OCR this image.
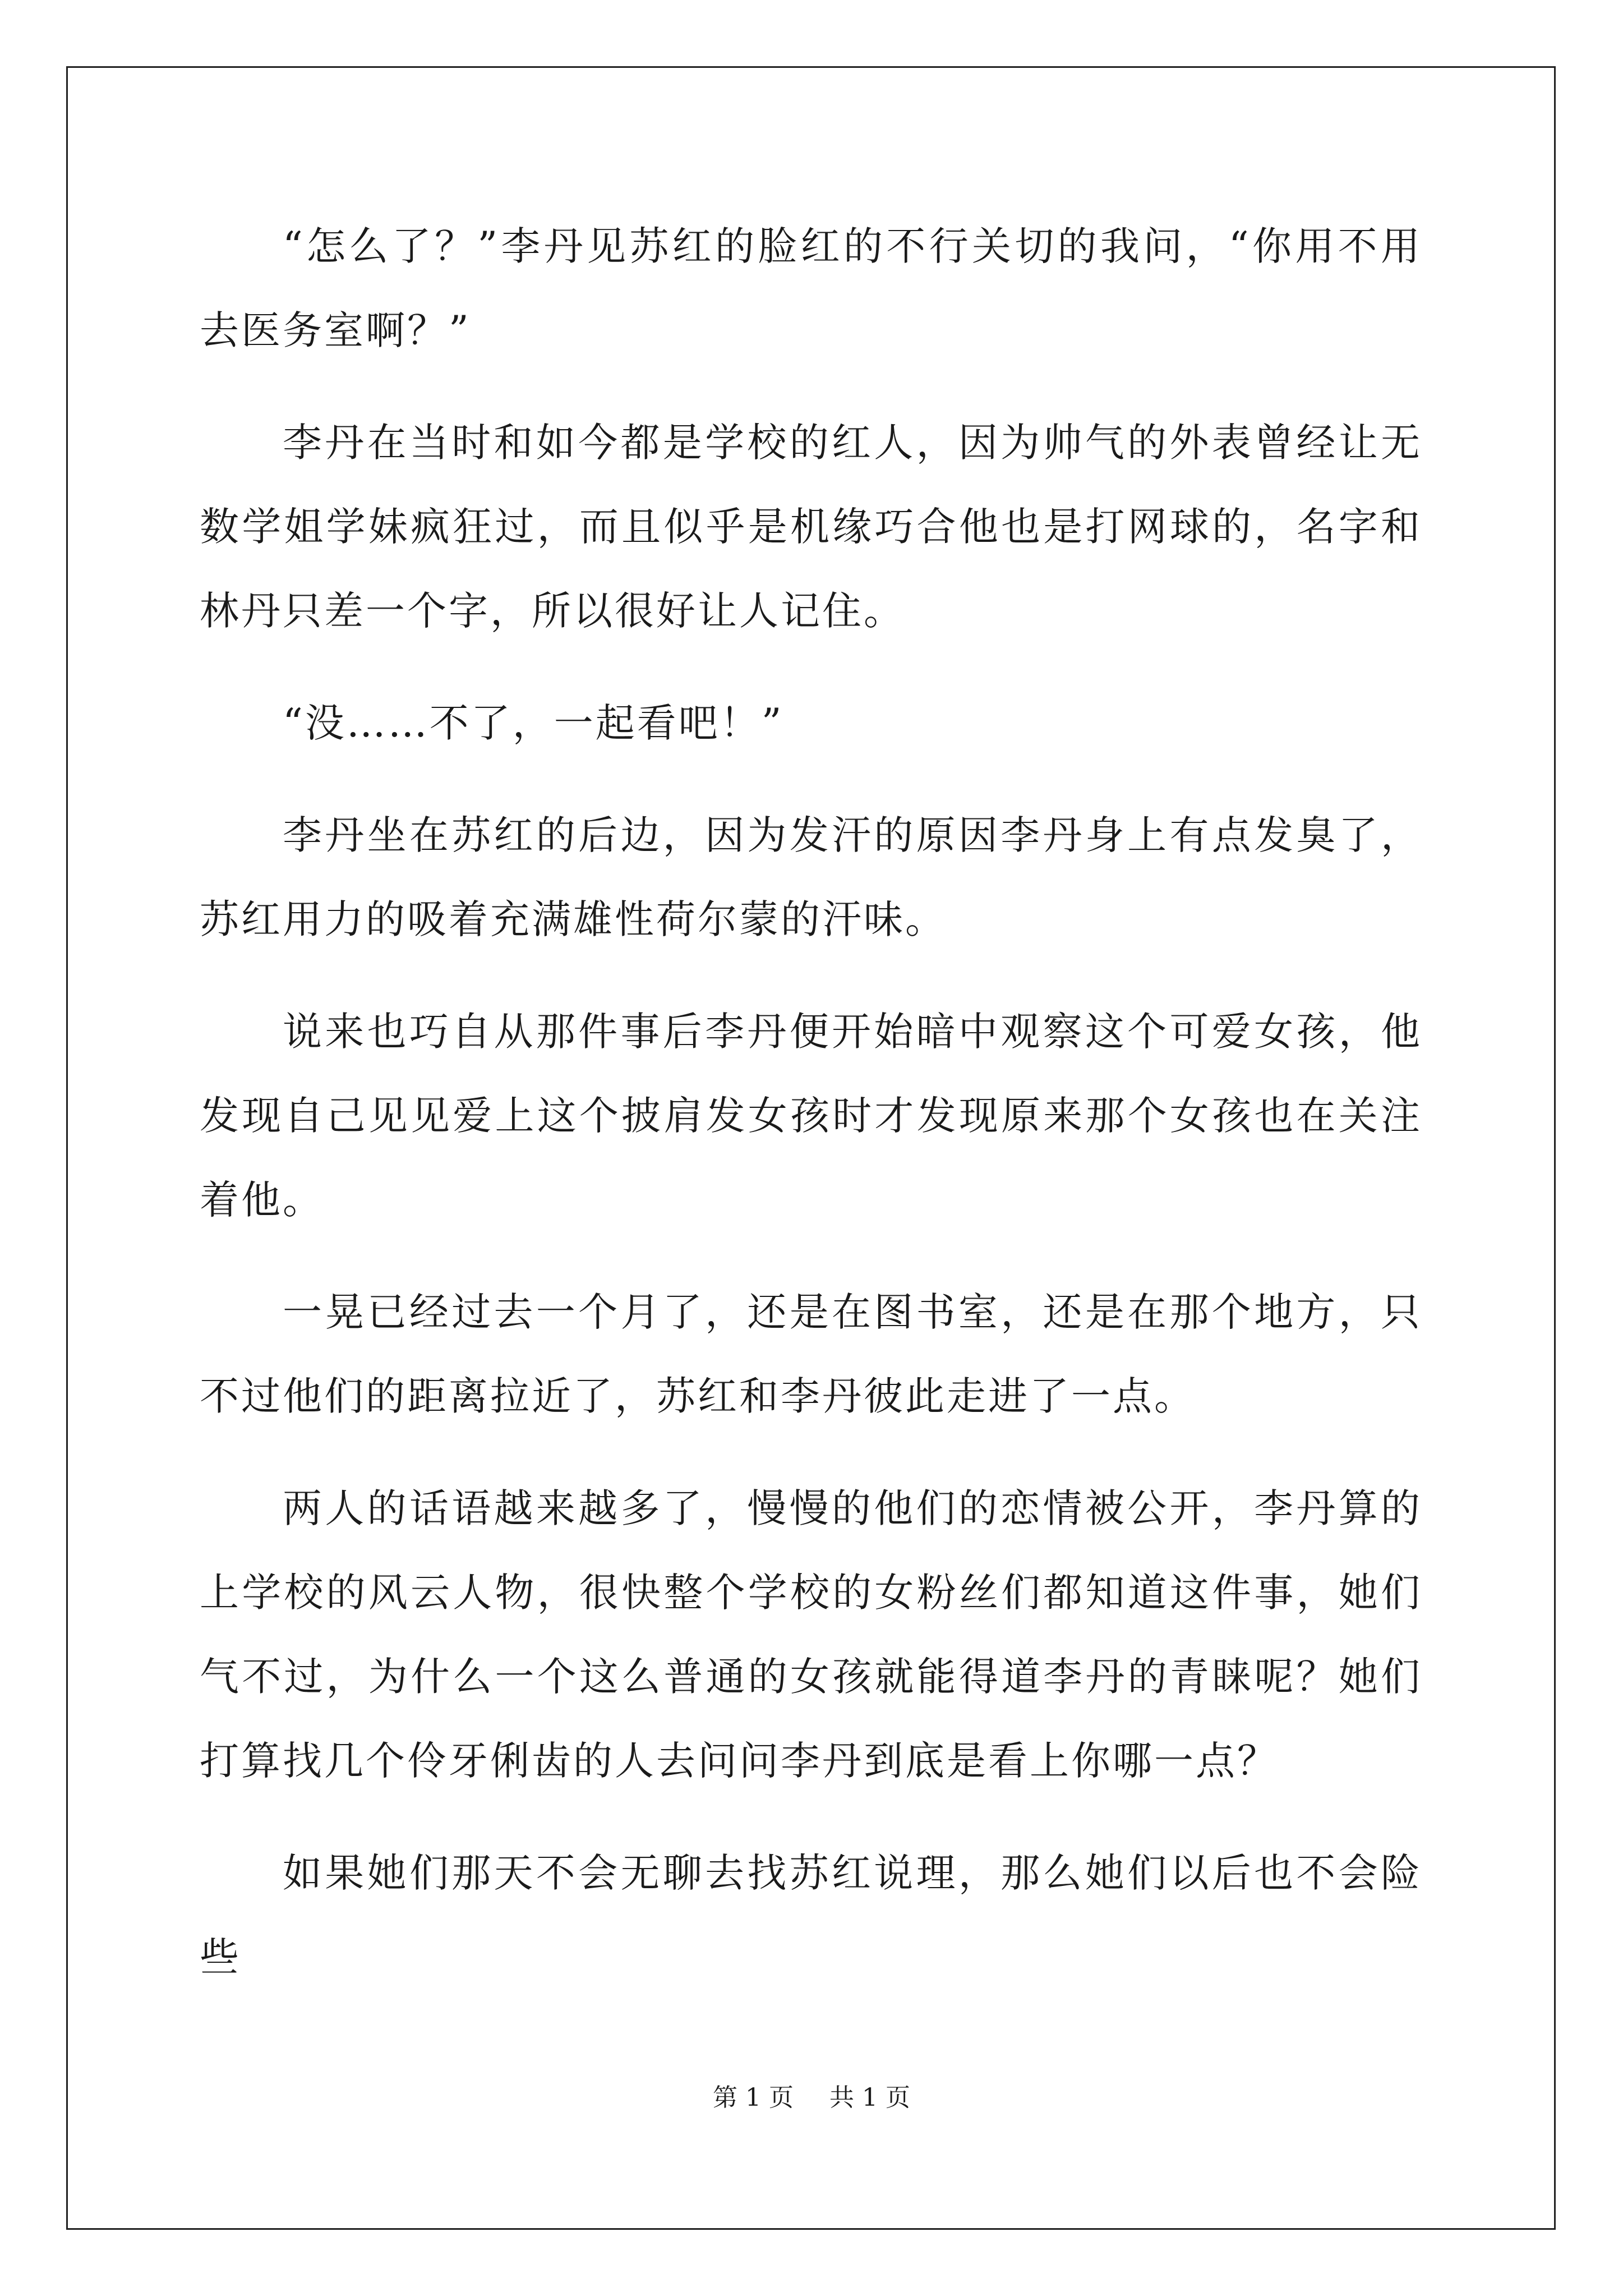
“怎么了？”李丹见苏红的脸红的不行关切的我问，“你用不用去医务室啊？”

李丹在当时和如今都是学校的红人，因为帅气的外表曾经让无数学姐学妹疯狂过，而且似乎是机缘巧合他也是打网球的，名字和林丹只差一个字，所以很好让人记住。

“没……不了，一起看吧！”

李丹坐在苏红的后边，因为发汗的原因李丹身上有点发臭了，苏红用力的吸着充满雄性荷尔蒙的汗味。

说来也巧自从那件事后李丹便开始暗中观察这个可爱女孩，他发现自己见见爱上这个披肩发女孩时才发现原来那个女孩也在关注着他。

一晃已经过去一个月了，还是在图书室，还是在那个地方，只不过他们的距离拉近了，苏红和李丹彼此走进了一点。

两人的话语越来越多了，慢慢的他们的恋情被公开，李丹算的上学校的风云人物，很快整个学校的女粉丝们都知道这件事，她们气不过，为什么一个这么普通的女孩就能得道李丹的青睐呢？她们打算找几个伶牙俐齿的人去问问李丹到底是看上你哪一点？

如果她们那天不会无聊去找苏红说理，那么她们以后也不会险些

第 1 页 共 1 页
